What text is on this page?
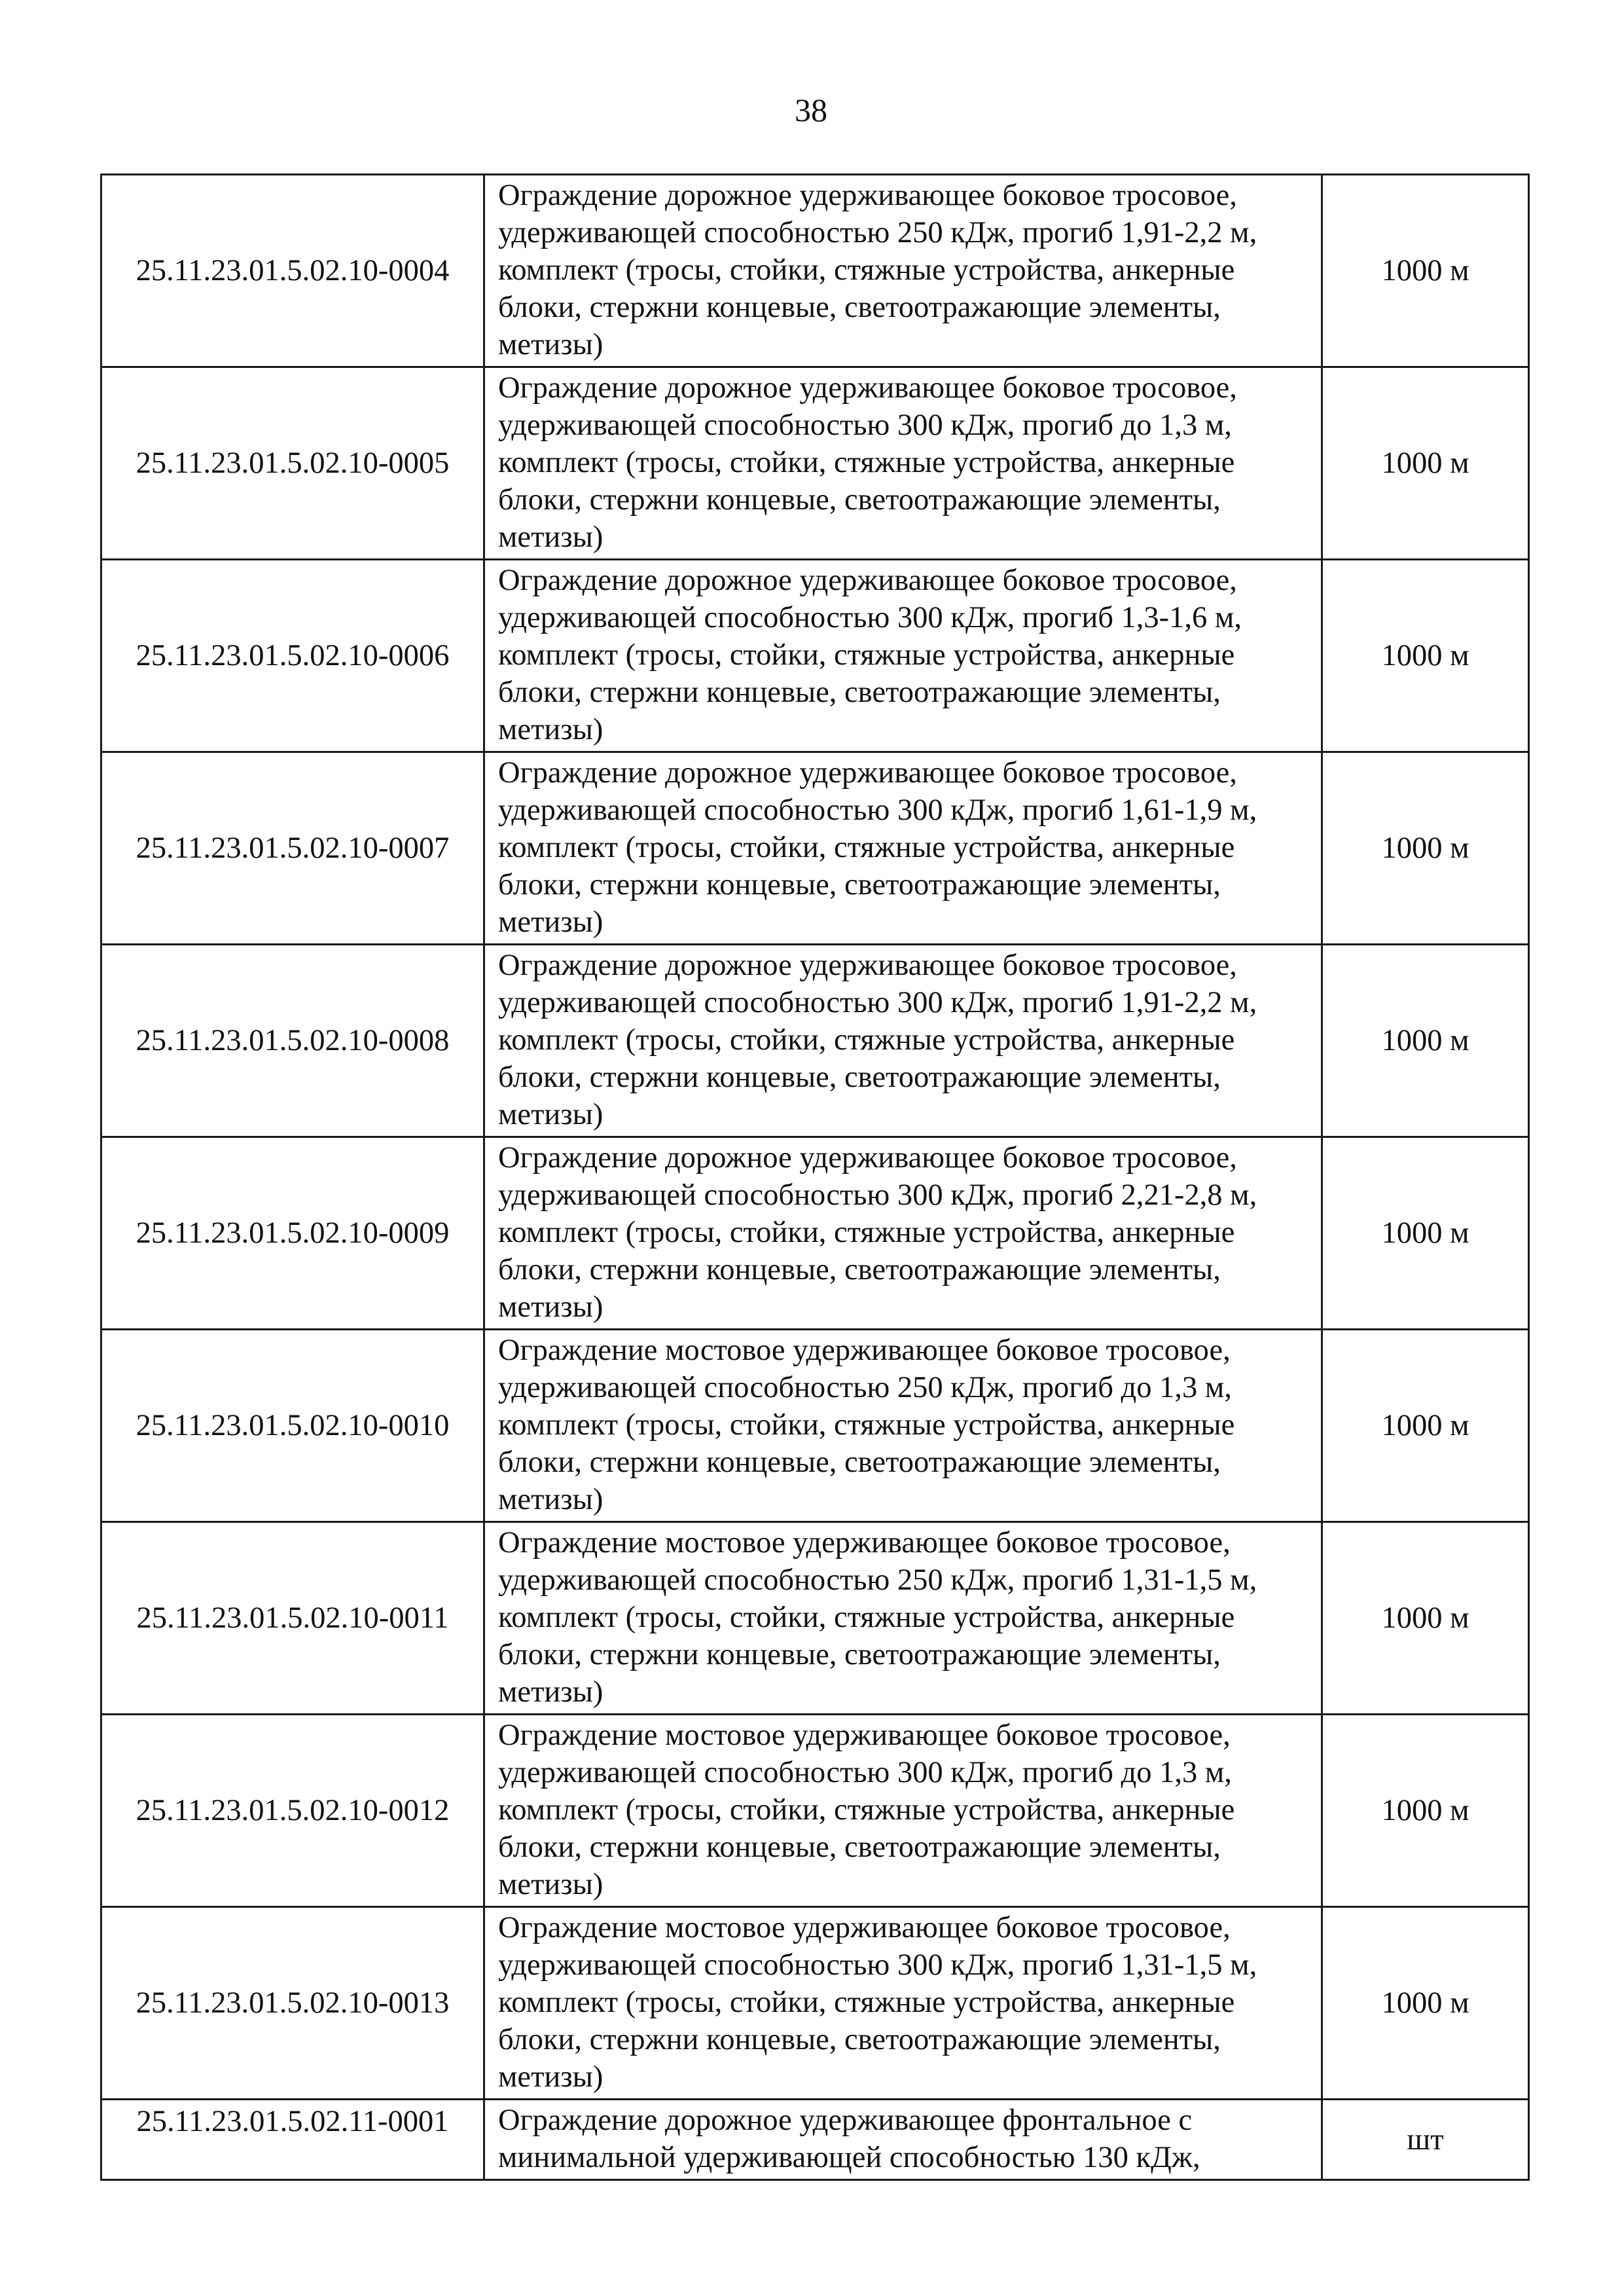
38
25.11.23.01.5.02.10-0004	Ограждение дорожное удерживающее боковое тросовое, удерживающей способностью 250 кДж, прогиб 1,91-2,2 м, комплект (тросы, стойки, стяжные устройства, анкерные блоки, стержни концевые, светоотражающие элементы, метизы)	1000 м
25.11.23.01.5.02.10-0005	Ограждение дорожное удерживающее боковое тросовое, удерживающей способностью 300 кДж, прогиб до 1,3 м, комплект (тросы, стойки, стяжные устройства, анкерные блоки, стержни концевые, светоотражающие элементы, метизы)	1000 м
25.11.23.01.5.02.10-0006	Ограждение дорожное удерживающее боковое тросовое, удерживающей способностью 300 кДж, прогиб 1,3-1,6 м, комплект (тросы, стойки, стяжные устройства, анкерные блоки, стержни концевые, светоотражающие элементы, метизы)	1000 м
25.11.23.01.5.02.10-0007	Ограждение дорожное удерживающее боковое тросовое, удерживающей способностью 300 кДж, прогиб 1,61-1,9 м, комплект (тросы, стойки, стяжные устройства, анкерные блоки, стержни концевые, светоотражающие элементы, метизы)	1000 м
25.11.23.01.5.02.10-0008	Ограждение дорожное удерживающее боковое тросовое, удерживающей способностью 300 кДж, прогиб 1,91-2,2 м, комплект (тросы, стойки, стяжные устройства, анкерные блоки, стержни концевые, светоотражающие элементы, метизы)	1000 м
25.11.23.01.5.02.10-0009	Ограждение дорожное удерживающее боковое тросовое, удерживающей способностью 300 кДж, прогиб 2,21-2,8 м, комплект (тросы, стойки, стяжные устройства, анкерные блоки, стержни концевые, светоотражающие элементы, метизы)	1000 м
25.11.23.01.5.02.10-0010	Ограждение мостовое удерживающее боковое тросовое, удерживающей способностью 250 кДж, прогиб до 1,3 м, комплект (тросы, стойки, стяжные устройства, анкерные блоки, стержни концевые, светоотражающие элементы, метизы)	1000 м
25.11.23.01.5.02.10-0011	Ограждение мостовое удерживающее боковое тросовое, удерживающей способностью 250 кДж, прогиб 1,31-1,5 м, комплект (тросы, стойки, стяжные устройства, анкерные блоки, стержни концевые, светоотражающие элементы, метизы)	1000 м
25.11.23.01.5.02.10-0012	Ограждение мостовое удерживающее боковое тросовое, удерживающей способностью 300 кДж, прогиб до 1,3 м, комплект (тросы, стойки, стяжные устройства, анкерные блоки, стержни концевые, светоотражающие элементы, метизы)	1000 м
25.11.23.01.5.02.10-0013	Ограждение мостовое удерживающее боковое тросовое, удерживающей способностью 300 кДж, прогиб 1,31-1,5 м, комплект (тросы, стойки, стяжные устройства, анкерные блоки, стержни концевые, светоотражающие элементы, метизы)	1000 м
25.11.23.01.5.02.11-0001	Ограждение дорожное удерживающее фронтальное с минимальной удерживающей способностью 130 кДж,	шт
